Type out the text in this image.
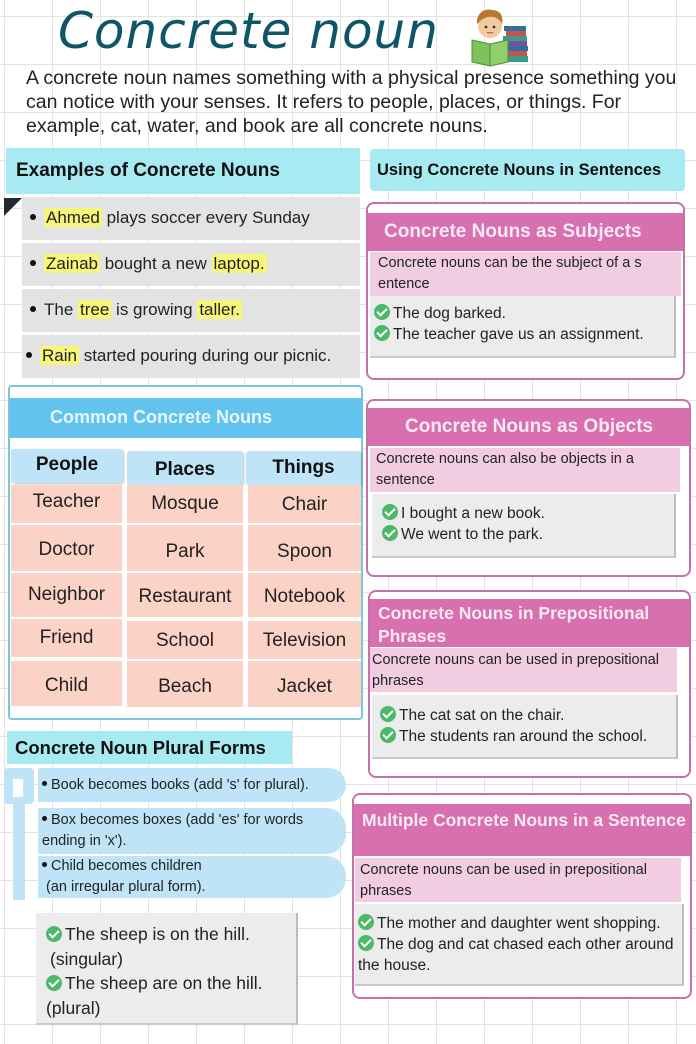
Concrete noun
A concrete noun names something with a physical presence something you can notice with your senses. It refers to people, places, or things. For example, cat, water, and book are all concrete nouns.
Examples of Concrete Nouns
Ahmed plays soccer every Sunday
Zainab bought a new laptop.
The tree is growing taller.
Rain started pouring during our picnic.
Common Concrete Nouns
People	Places	Things
Teacher	Mosque	Chair
Doctor	Park	Spoon
Neighbor	Restaurant	Notebook
Friend	School	Television
Child	Beach	Jacket
Concrete Noun Plural Forms
Book becomes books (add 's' for plural).
Box becomes boxes (add 'es' for words
ending in 'x').
Child becomes children
(an irregular plural form).
The sheep is on the hill.
(singular)
The sheep are on the hill.
(plural)
Using Concrete Nouns in Sentences
Concrete Nouns as Subjects
Concrete nouns can be the subject of a s entence
The dog barked.
The teacher gave us an assignment.
Concrete Nouns as Objects
Concrete nouns can also be objects in a sentence
I bought a new book.
We went to the park.
Concrete Nouns in Prepositional Phrases
Concrete nouns can be used in prepositional phrases
The cat sat on the chair.
The students ran around the school.
Multiple Concrete Nouns in a Sentence
Concrete nouns can be used in prepositional phrases
The mother and daughter went shopping.
The dog and cat chased each other around the house.
